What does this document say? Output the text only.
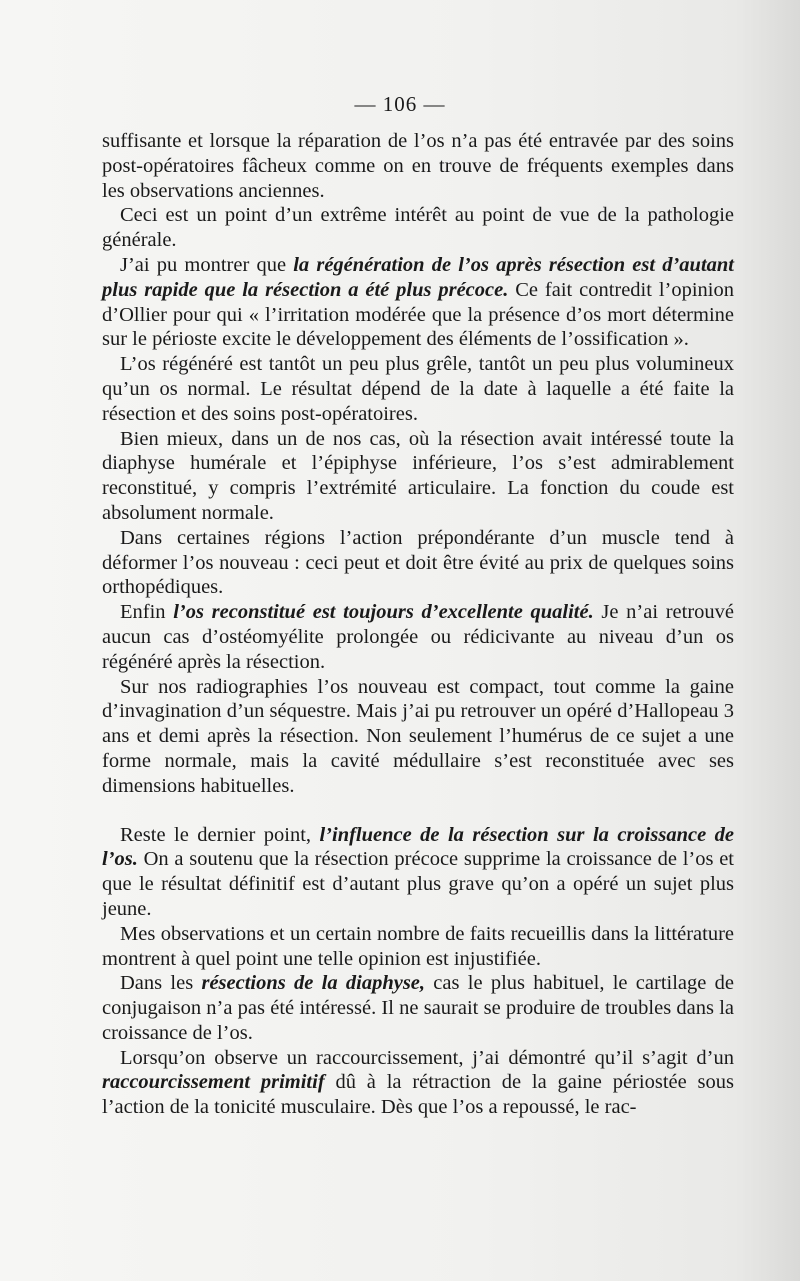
— 106 —

suffisante et lorsque la réparation de l’os n’a pas été entravée par des soins post-opératoires fâcheux comme on en trouve de fréquents exemples dans les observations anciennes.

Ceci est un point d’un extrême intérêt au point de vue de la pathologie générale.

J’ai pu montrer que la régénération de l’os après résection est d’autant plus rapide que la résection a été plus précoce. Ce fait contredit l’opinion d’Ollier pour qui « l’irritation modérée que la présence d’os mort détermine sur le périoste excite le développement des éléments de l’ossification ».

L’os régénéré est tantôt un peu plus grêle, tantôt un peu plus volumineux qu’un os normal. Le résultat dépend de la date à laquelle a été faite la résection et des soins post-opératoires.

Bien mieux, dans un de nos cas, où la résection avait intéressé toute la diaphyse humérale et l’épiphyse inférieure, l’os s’est admirablement reconstitué, y compris l’extrémité articulaire. La fonction du coude est absolument normale.

Dans certaines régions l’action prépondérante d’un muscle tend à déformer l’os nouveau : ceci peut et doit être évité au prix de quelques soins orthopédiques.

Enfin l’os reconstitué est toujours d’excellente qualité. Je n’ai retrouvé aucun cas d’ostéomyélite prolongée ou rédicivante au niveau d’un os régénéré après la résection.

Sur nos radiographies l’os nouveau est compact, tout comme la gaine d’invagination d’un séquestre. Mais j’ai pu retrouver un opéré d’Hallopeau 3 ans et demi après la résection. Non seulement l’humérus de ce sujet a une forme normale, mais la cavité médullaire s’est reconstituée avec ses dimensions habituelles.

Reste le dernier point, l’influence de la résection sur la croissance de l’os. On a soutenu que la résection précoce supprime la croissance de l’os et que le résultat définitif est d’autant plus grave qu’on a opéré un sujet plus jeune.

Mes observations et un certain nombre de faits recueillis dans la littérature montrent à quel point une telle opinion est injustifiée.

Dans les résections de la diaphyse, cas le plus habituel, le cartilage de conjugaison n’a pas été intéressé. Il ne saurait se produire de troubles dans la croissance de l’os.

Lorsqu’on observe un raccourcissement, j’ai démontré qu’il s’agit d’un raccourcissement primitif dû à la rétraction de la gaine périostée sous l’action de la tonicité musculaire. Dès que l’os a repoussé, le rac-
